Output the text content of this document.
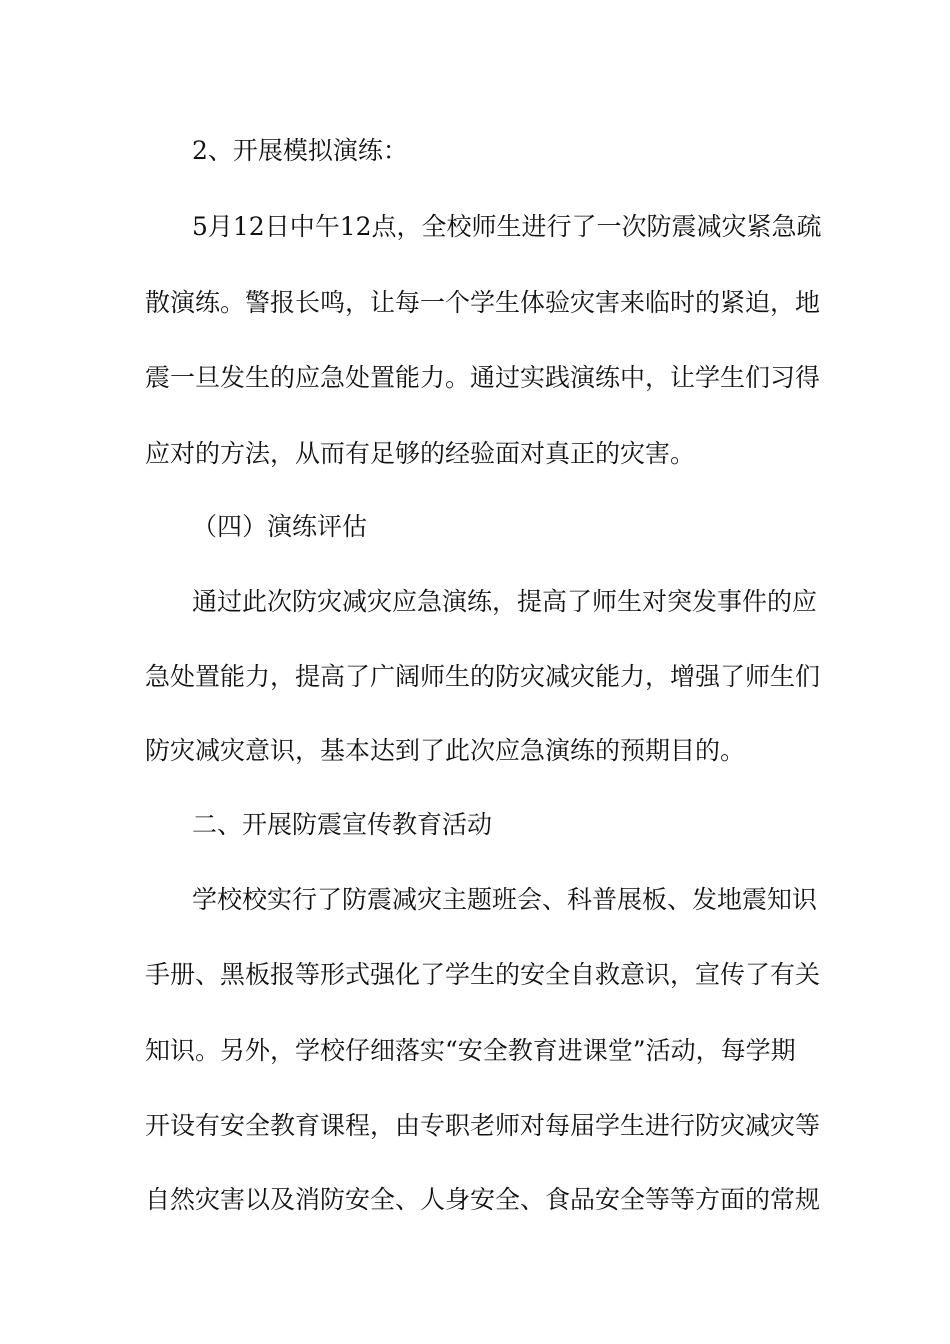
2、开展模拟演练：
5月12日中午12点，全校师生进行了一次防震减灾紧急疏
散演练。警报长鸣，让每一个学生体验灾害来临时的紧迫，地
震一旦发生的应急处置能力。通过实践演练中，让学生们习得
应对的方法，从而有足够的经验面对真正的灾害。
（四）演练评估
通过此次防灾减灾应急演练，提高了师生对突发事件的应
急处置能力，提高了广阔师生的防灾减灾能力，增强了师生们
防灾减灾意识，基本达到了此次应急演练的预期目的。
二、开展防震宣传教育活动
学校校实行了防震减灾主题班会、科普展板、发地震知识
手册、黑板报等形式强化了学生的安全自救意识，宣传了有关
知识。另外，学校仔细落实“安全教育进课堂”活动，每学期
开设有安全教育课程，由专职老师对每届学生进行防灾减灾等
自然灾害以及消防安全、人身安全、食品安全等等方面的常规
